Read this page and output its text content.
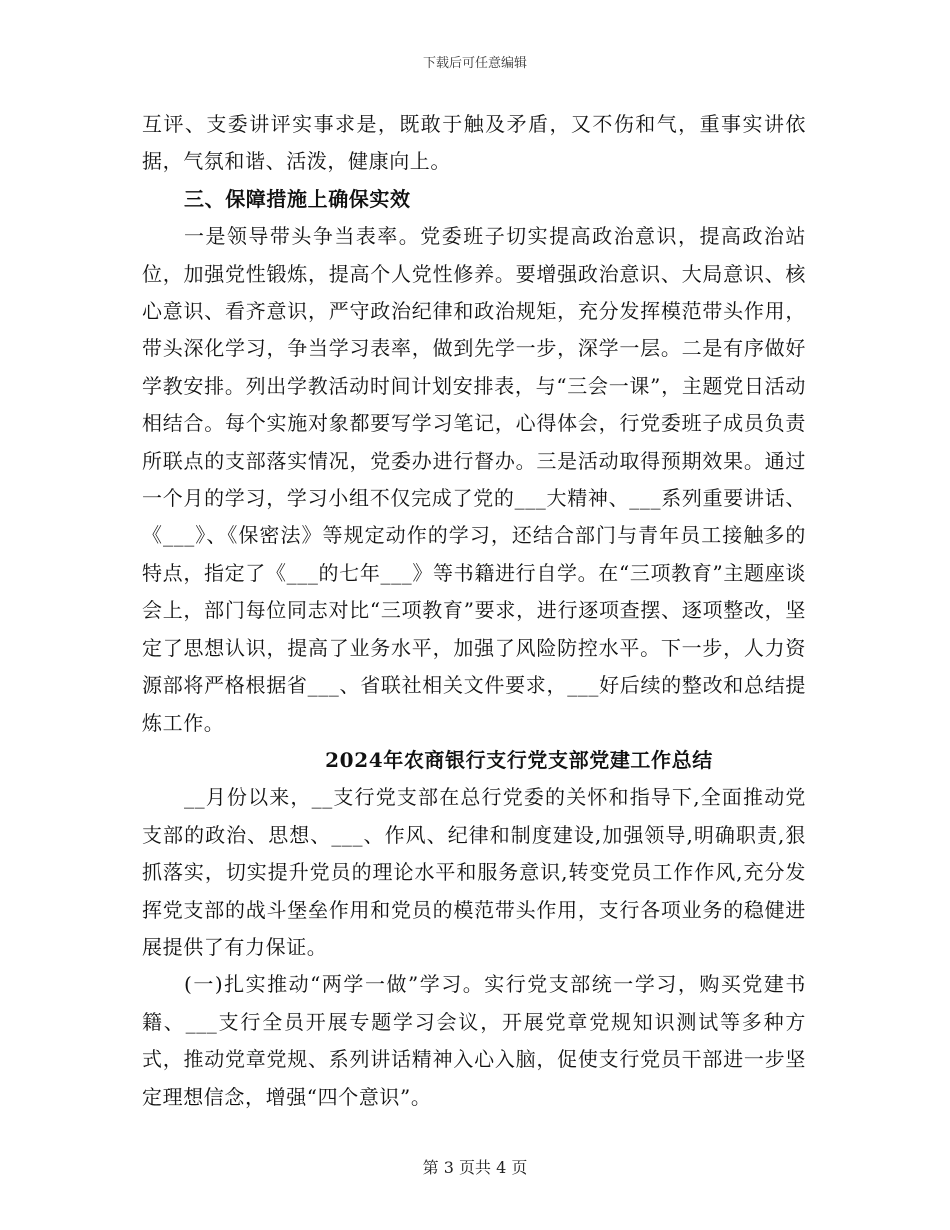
下载后可任意编辑

互评、支委讲评实事求是，既敢于触及矛盾，又不伤和气，重事实讲依据，气氛和谐、活泼，健康向上。

三、保障措施上确保实效

一是领导带头争当表率。党委班子切实提高政治意识，提高政治站位，加强党性锻炼，提高个人党性修养。要增强政治意识、大局意识、核心意识、看齐意识，严守政治纪律和政治规矩，充分发挥模范带头作用，带头深化学习，争当学习表率，做到先学一步，深学一层。二是有序做好学教安排。列出学教活动时间计划安排表，与“三会一课”，主题党日活动相结合。每个实施对象都要写学习笔记，心得体会，行党委班子成员负责所联点的支部落实情况，党委办进行督办。三是活动取得预期效果。通过一个月的学习，学习小组不仅完成了党的___大精神、___系列重要讲话、《___》、《保密法》等规定动作的学习，还结合部门与青年员工接触多的特点，指定了《___的七年___》等书籍进行自学。在“三项教育”主题座谈会上，部门每位同志对比“三项教育”要求，进行逐项查摆、逐项整改，坚定了思想认识，提高了业务水平，加强了风险防控水平。下一步，人力资源部将严格根据省___、省联社相关文件要求，___好后续的整改和总结提炼工作。

2024年农商银行支行党支部党建工作总结

__月份以来，__支行党支部在总行党委的关怀和指导下,全面推动党支部的政治、思想、___、作风、纪律和制度建设,加强领导,明确职责,狠抓落实，切实提升党员的理论水平和服务意识,转变党员工作作风,充分发挥党支部的战斗堡垒作用和党员的模范带头作用，支行各项业务的稳健进展提供了有力保证。

(一)扎实推动“两学一做”学习。实行党支部统一学习，购买党建书籍、___支行全员开展专题学习会议，开展党章党规知识测试等多种方式，推动党章党规、系列讲话精神入心入脑，促使支行党员干部进一步坚定理想信念，增强“四个意识”。

第 3 页共 4 页
